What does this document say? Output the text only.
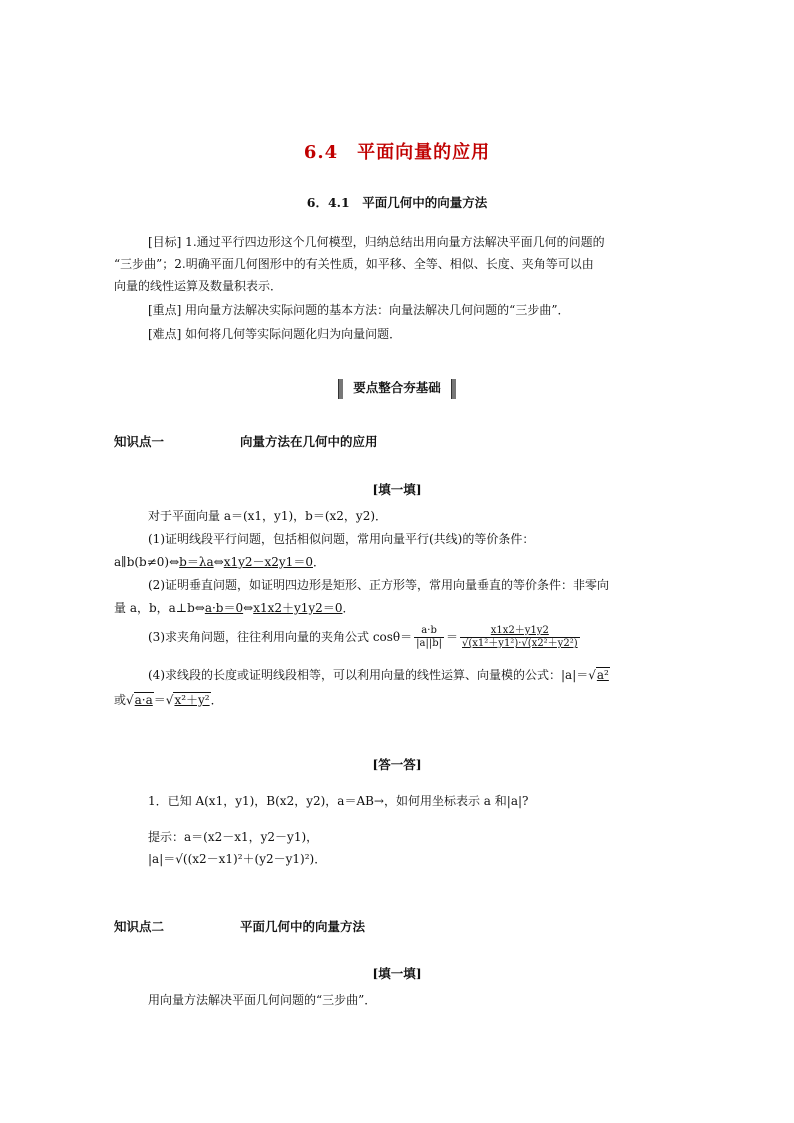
6.4　平面向量的应用
6．4.1　平面几何中的向量方法
[目标] 1.通过平行四边形这个几何模型，归纳总结出用向量方法解决平面几何的问题的
“三步曲”；2.明确平面几何图形中的有关性质，如平移、全等、相似、长度、夹角等可以由
向量的线性运算及数量积表示．
[重点] 用向量方法解决实际问题的基本方法：向量法解决几何问题的“三步曲”．
[难点] 如何将几何等实际问题化归为向量问题．
要点整合夯基础
知识点一	向量方法在几何中的应用
[填一填]
对于平面向量 a＝(x1，y1)，b＝(x2，y2)．
(1)证明线段平行问题，包括相似问题，常用向量平行(共线)的等价条件：
a∥b(b≠0)⇔b＝λa⇔x1y2－x2y1＝0．
(2)证明垂直问题，如证明四边形是矩形、正方形等，常用向量垂直的等价条件：非零向
量 a，b，a⊥b⇔a·b＝0⇔x1x2＋y1y2＝0．
(3)求夹角问题，往往利用向量的夹角公式 $\cos\theta= \frac{a\cdot b}{|a||b|} = \frac{x1x2+y1y2}{\text{√(x1²＋y1²)·√(x2²＋y2²)}}$
(4)求线段的长度或证明线段相等，可以利用向量的线性运算、向量模的公式：|a|＝√a²
或√a·a＝√x²＋y²．
[答一答]
1．已知 A(x1，y1)，B(x2，y2)，a＝AB→，如何用坐标表示 a 和|a|?
提示：a＝(x2－x1，y2－y1)，
|a|＝√((x2－x1)²＋(y2－y1)²)．
知识点二	平面几何中的向量方法
[填一填]
用向量方法解决平面几何问题的“三步曲”．
